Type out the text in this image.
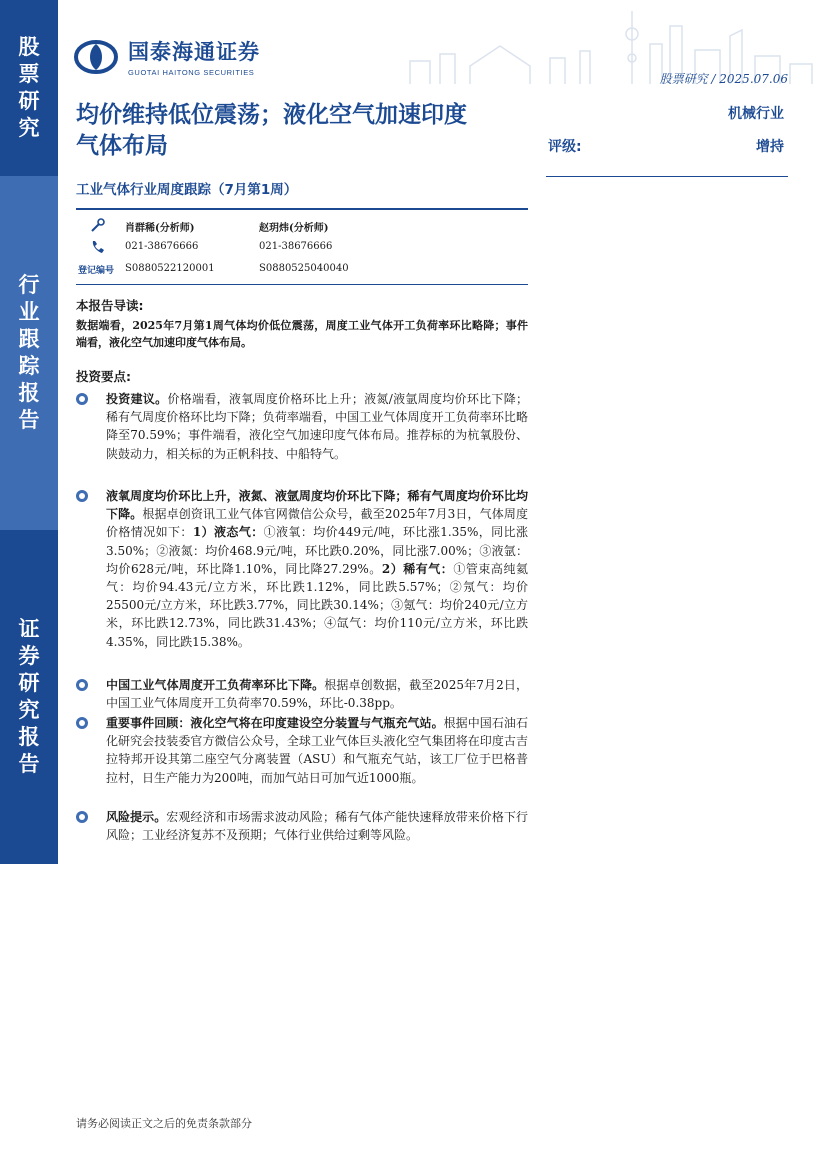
股
票
研
究
行
业
跟
踪
报
告
证
券
研
究
报
告
国泰海通证券
GUOTAI HAITONG SECURITIES	股票研究 / 2025.07.06
均价维持低位震荡；液化空气加速印度
气体布局
机械行业
评级:	增持
工业气体行业周度跟踪（7月第1周）
肖群稀(分析师)	赵玥炜(分析师)
021-38676666	021-38676666
登记编号 S0880522120001	S0880525040040
本报告导读:
数据端看，2025年7月第1周气体均价低位震荡，周度工业气体开工负荷率环比略降；事件端看，液化空气加速印度气体布局。
投资要点:
投资建议。价格端看，液氧周度价格环比上升；液氮/液氩周度均价环比下降；稀有气周度价格环比均下降；负荷率端看，中国工业气体周度开工负荷率环比略降至70.59%；事件端看，液化空气加速印度气体布局。推荐标的为杭氧股份、陕鼓动力，相关标的为正帆科技、中船特气。
液氧周度均价环比上升，液氮、液氩周度均价环比下降；稀有气周度均价环比均下降。根据卓创资讯工业气体官网微信公众号，截至2025年7月3日，气体周度价格情况如下：1）液态气：①液氧：均价449元/吨，环比涨1.35%，同比涨3.50%；②液氮：均价468.9元/吨，环比跌0.20%，同比涨7.00%；③液氩：均价628元/吨，环比降1.10%，同比降27.29%。2）稀有气：①管束高纯氦气：均价94.43元/立方米，环比跌1.12%，同比跌5.57%；②氖气：均价25500元/立方米，环比跌3.77%，同比跌30.14%；③氪气：均价240元/立方米，环比跌12.73%，同比跌31.43%；④氙气：均价110元/立方米，环比跌4.35%，同比跌15.38%。
中国工业气体周度开工负荷率环比下降。根据卓创数据，截至2025年7月2日，中国工业气体周度开工负荷率70.59%，环比-0.38pp。
重要事件回顾：液化空气将在印度建设空分装置与气瓶充气站。根据中国石油石化研究会技装委官方微信公众号，全球工业气体巨头液化空气集团将在印度古吉拉特邦开设其第二座空气分离装置（ASU）和气瓶充气站，该工厂位于巴格普拉村，日生产能力为200吨，而加气站日可加气近1000瓶。
风险提示。宏观经济和市场需求波动风险；稀有气体产能快速释放带来价格下行风险；工业经济复苏不及预期；气体行业供给过剩等风险。
请务必阅读正文之后的免责条款部分
